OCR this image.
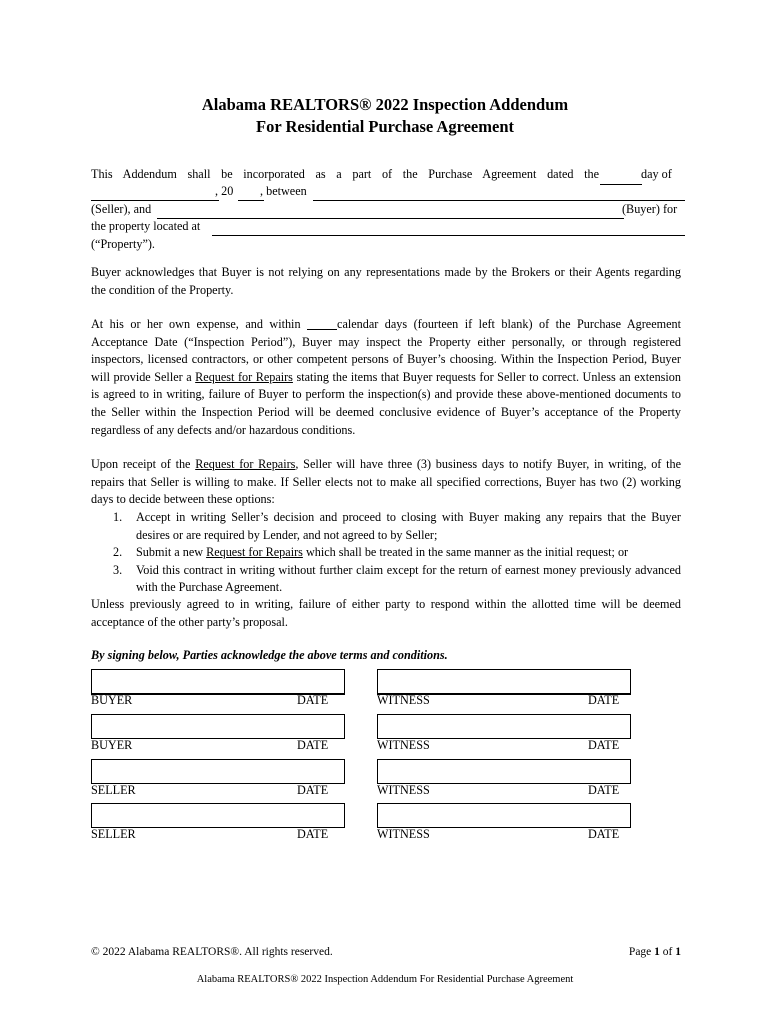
Alabama REALTORS® 2022 Inspection Addendum
For Residential Purchase Agreement
This Addendum shall be incorporated as a part of the Purchase Agreement dated the	day of
, 20 , between
(Seller), and	(Buyer) for
the property located at
(“Property”).
Buyer acknowledges that Buyer is not relying on any representations made by the Brokers or their Agents regarding
the condition of the Property.
At his or her own expense, and within	calendar days (fourteen if left blank) of the Purchase Agreement
Acceptance Date (“Inspection Period”), Buyer may inspect the Property either personally, or through registered
inspectors, licensed contractors, or other competent persons of Buyer’s choosing. Within the Inspection Period, Buyer
will provide Seller a Request for Repairs stating the items that Buyer requests for Seller to correct. Unless an extension
is agreed to in writing, failure of Buyer to perform the inspection(s) and provide these above-mentioned documents to
the Seller within the Inspection Period will be deemed conclusive evidence of Buyer’s acceptance of the Property
regardless of any defects and/or hazardous conditions.
Upon receipt of the Request for Repairs, Seller will have three (3) business days to notify Buyer, in writing, of the
repairs that Seller is willing to make. If Seller elects not to make all specified corrections, Buyer has two (2) working
days to decide between these options:
1. Accept in writing Seller’s decision and proceed to closing with Buyer making any repairs that the Buyer
desires or are required by Lender, and not agreed to by Seller;
2. Submit a new Request for Repairs which shall be treated in the same manner as the initial request; or
3. Void this contract in writing without further claim except for the return of earnest money previously advanced
with the Purchase Agreement.
Unless previously agreed to in writing, failure of either party to respond within the allotted time will be deemed
acceptance of the other party’s proposal.
By signing below, Parties acknowledge the above terms and conditions.
BUYER	DATE	WITNESS	DATE
BUYER	DATE	WITNESS	DATE
SELLER	DATE	WITNESS	DATE
SELLER	DATE	WITNESS	DATE
© 2022 Alabama REALTORS®. All rights reserved.	Page 1 of 1
Alabama REALTORS® 2022 Inspection Addendum For Residential Purchase Agreement
